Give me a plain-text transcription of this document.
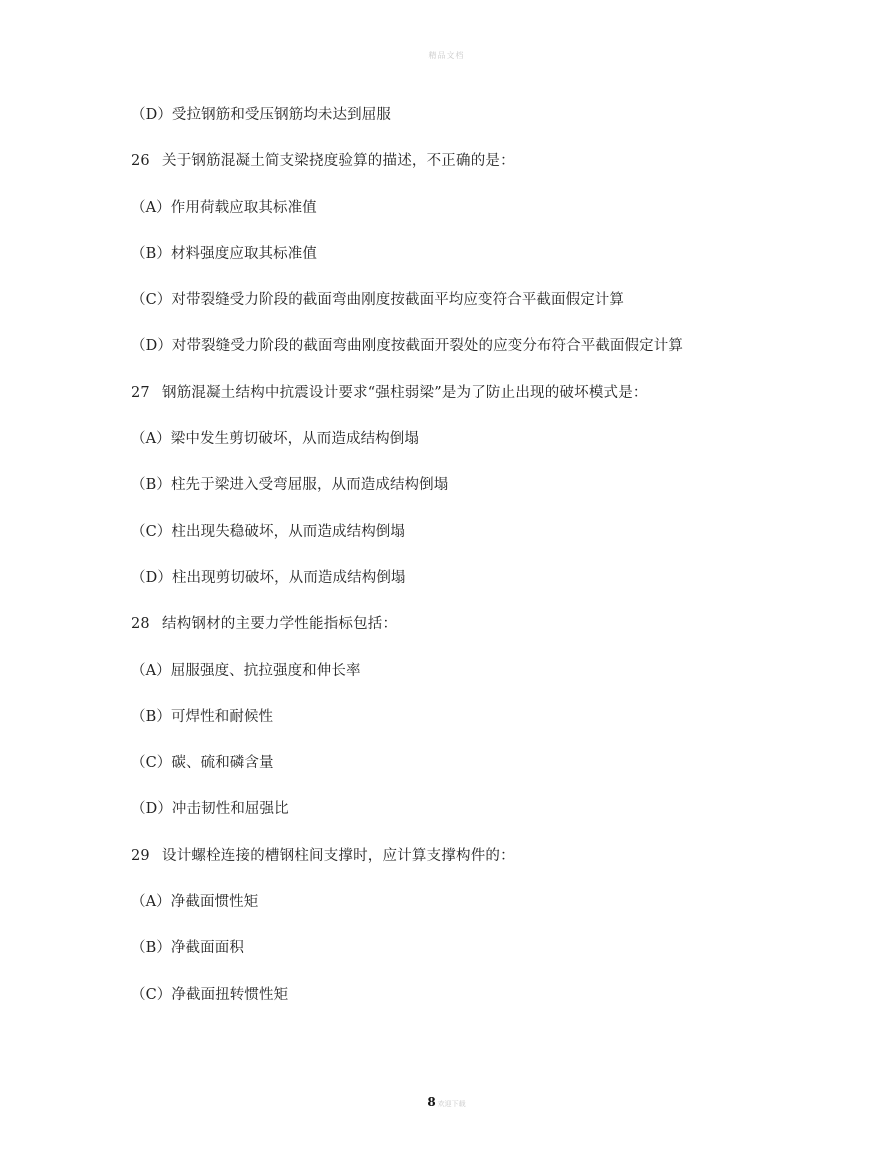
精品文档
（D）受拉钢筋和受压钢筋均未达到屈服
26 关于钢筋混凝土简支梁挠度验算的描述，不正确的是：
（A）作用荷载应取其标准值
（B）材料强度应取其标准值
（C）对带裂缝受力阶段的截面弯曲刚度按截面平均应变符合平截面假定计算
（D）对带裂缝受力阶段的截面弯曲刚度按截面开裂处的应变分布符合平截面假定计算
27 钢筋混凝土结构中抗震设计要求“强柱弱梁”是为了防止出现的破坏模式是：
（A）梁中发生剪切破坏，从而造成结构倒塌
（B）柱先于梁进入受弯屈服，从而造成结构倒塌
（C）柱出现失稳破坏，从而造成结构倒塌
（D）柱出现剪切破坏，从而造成结构倒塌
28 结构钢材的主要力学性能指标包括：
（A）屈服强度、抗拉强度和伸长率
（B）可焊性和耐候性
（C）碳、硫和磷含量
（D）冲击韧性和屈强比
29 设计螺栓连接的槽钢柱间支撑时，应计算支撑构件的：
（A）净截面惯性矩
（B）净截面面积
（C）净截面扭转惯性矩
8 欢迎下载
